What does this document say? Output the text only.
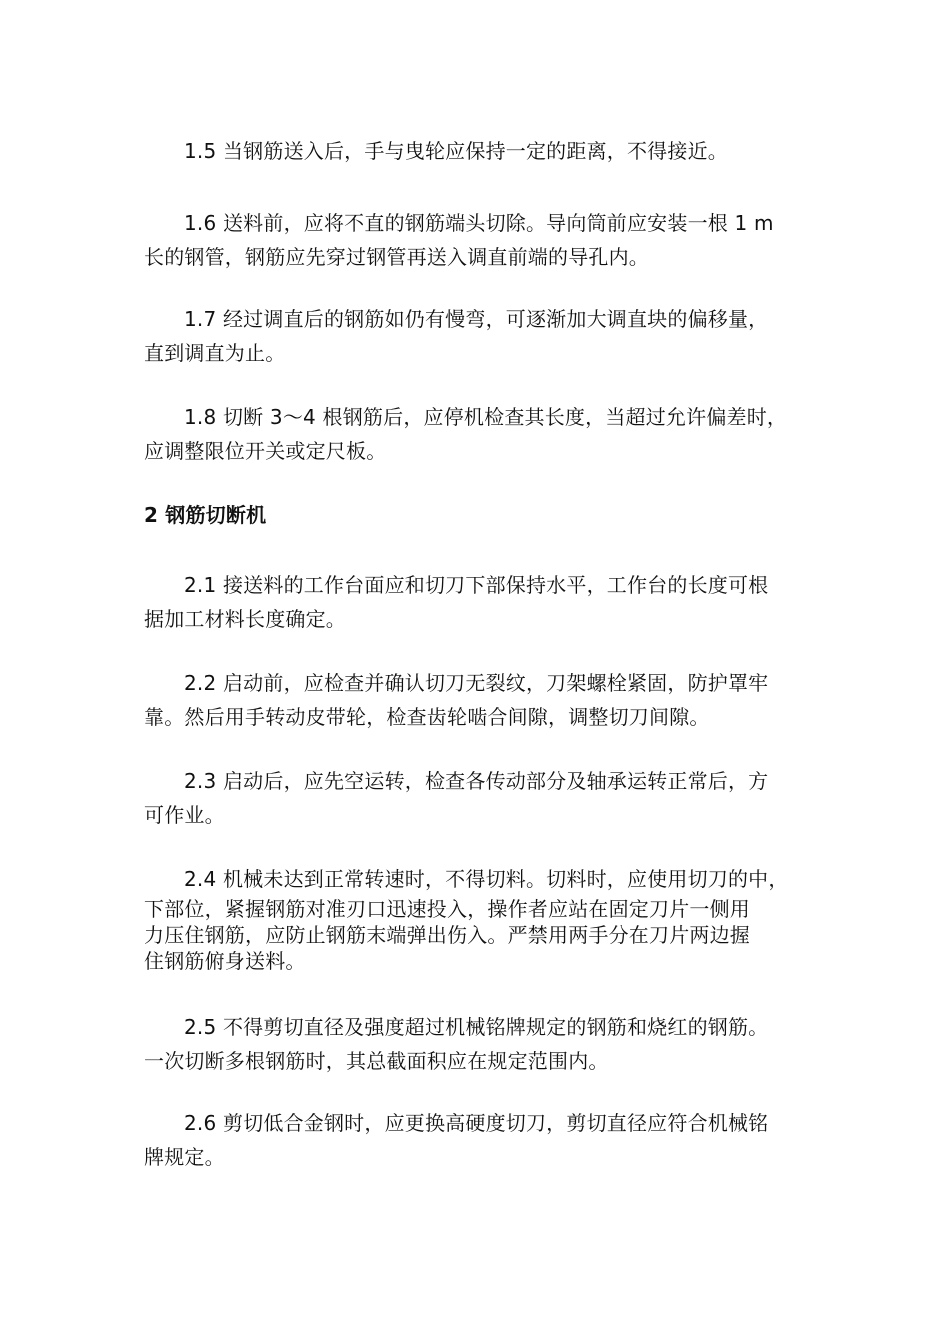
1.5 当钢筋送入后，手与曳轮应保持一定的距离，不得接近。
1.6 送料前，应将不直的钢筋端头切除。导向筒前应安装一根 1 m
长的钢管，钢筋应先穿过钢管再送入调直前端的导孔内。
1.7 经过调直后的钢筋如仍有慢弯，可逐渐加大调直块的偏移量，
直到调直为止。
1.8 切断 3～4 根钢筋后，应停机检查其长度，当超过允许偏差时，
应调整限位开关或定尺板。
2 钢筋切断机
2.1 接送料的工作台面应和切刀下部保持水平，工作台的长度可根
据加工材料长度确定。
2.2 启动前，应检查并确认切刀无裂纹，刀架螺栓紧固，防护罩牢
靠。然后用手转动皮带轮，检查齿轮啮合间隙，调整切刀间隙。
2.3 启动后，应先空运转，检查各传动部分及轴承运转正常后，方
可作业。
2.4 机械未达到正常转速时，不得切料。切料时，应使用切刀的中，
下部位，紧握钢筋对准刃口迅速投入，操作者应站在固定刀片一侧用
力压住钢筋，应防止钢筋末端弹出伤入。严禁用两手分在刀片两边握
住钢筋俯身送料。
2.5 不得剪切直径及强度超过机械铭牌规定的钢筋和烧红的钢筋。
一次切断多根钢筋时，其总截面积应在规定范围内。
2.6 剪切低合金钢时，应更换高硬度切刀，剪切直径应符合机械铭
牌规定。
